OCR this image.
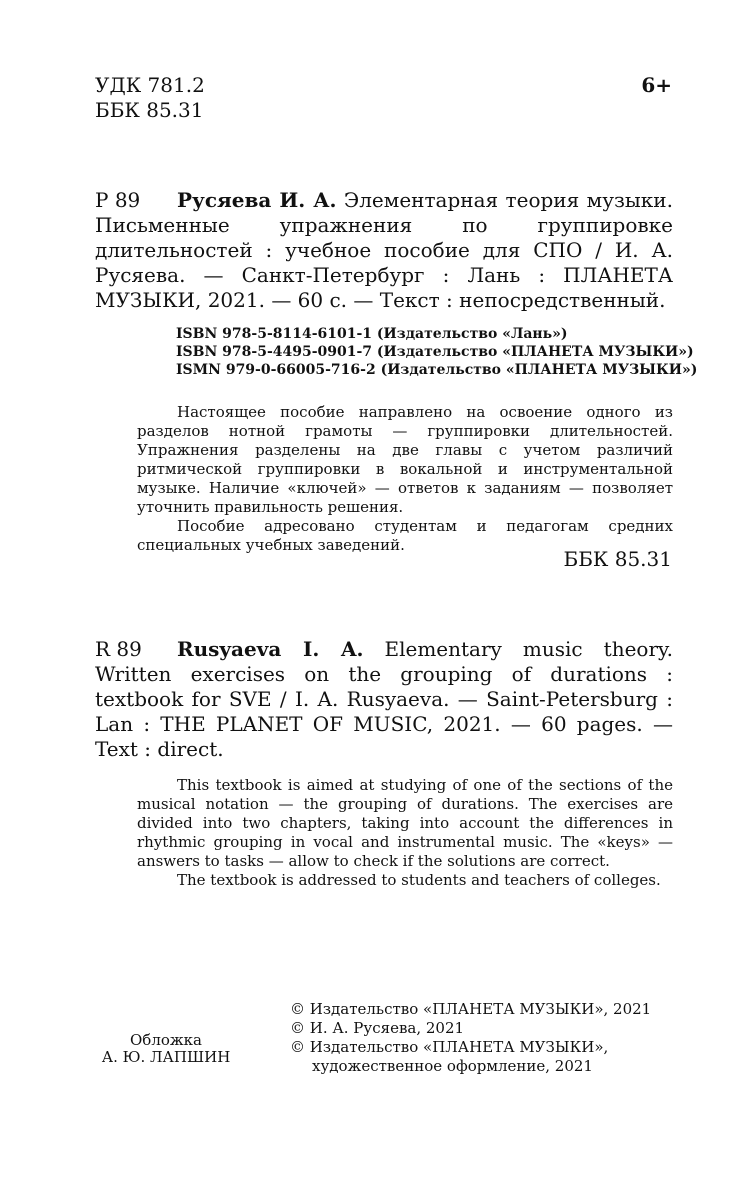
УДК 781.2
ББК 85.31
6+
Р 89	Русяева И. А. Элементарная теория музыки. Письменные упражнения по группировке длительностей : учебное пособие для СПО / И. А. Русяева. — Санкт-Петербург : Лань : ПЛАНЕТА МУЗЫКИ, 2021. — 60 с. — Текст : непосредственный.

ISBN 978-5-8114-6101-1 (Издательство «Лань»)
ISBN 978-5-4495-0901-7 (Издательство «ПЛАНЕТА МУЗЫКИ»)
ISMN 979-0-66005-716-2 (Издательство «ПЛАНЕТА МУЗЫКИ»)

Настоящее пособие направлено на освоение одного из разделов нотной грамоты — группировки длительностей. Упражнения разделены на две главы с учетом различий ритмической группировки в вокальной и инструментальной музыке. Наличие «ключей» — ответов к заданиям — позволяет уточнить правильность решения.

Пособие адресовано студентам и педагогам средних специальных учебных заведений.

ББК 85.31
R 89	Rusyaeva I. A. Elementary music theory. Written exercises on the grouping of durations : textbook for SVE / I. A. Rusyaeva. — Saint-Petersburg : Lan : THE PLANET OF MUSIC, 2021. — 60 pages. — Text : direct.

This textbook is aimed at studying of one of the sections of the musical notation — the grouping of durations. The exercises are divided into two chapters, taking into account the differences in rhythmic grouping in vocal and instrumental music. The «keys» — answers to tasks — allow to check if the solutions are correct.

The textbook is addressed to students and teachers of colleges.

Обложка
А. Ю. ЛАПШИН
© Издательство «ПЛАНЕТА МУЗЫКИ», 2021
© И. А. Русяева, 2021
© Издательство «ПЛАНЕТА МУЗЫКИ»,
художественное оформление, 2021
